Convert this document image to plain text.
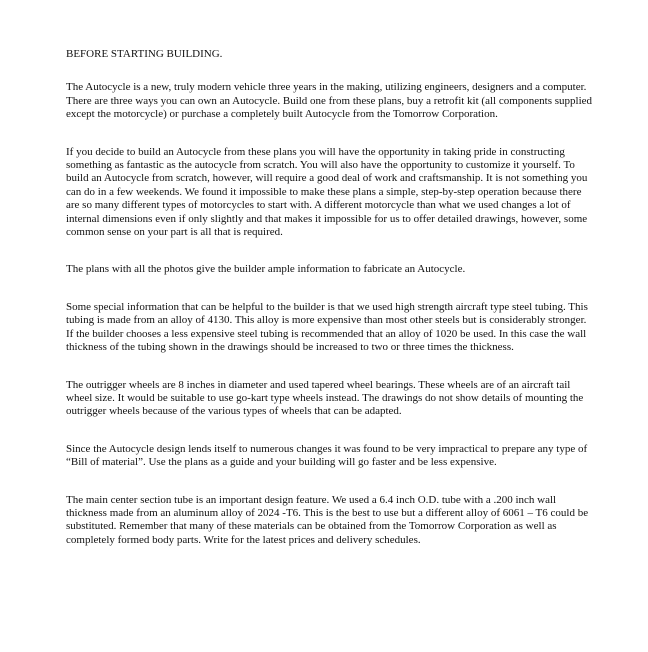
BEFORE STARTING BUILDING.

The Autocycle is a new, truly modern vehicle three years in the making, utilizing engineers, designers and a computer. There are three ways you can own an Autocycle. Build one from these plans, buy a retrofit kit (all components supplied except the motorcycle) or purchase a completely built Autocycle from the Tomorrow Corporation.

If you decide to build an Autocycle from these plans you will have the opportunity in taking pride in constructing something as fantastic as the autocycle from scratch. You will also have the opportunity to customize it yourself. To build an Autocycle from scratch, however, will require a good deal of work and craftsmanship. It is not something you can do in a few weekends. We found it impossible to make these plans a simple, step-by-step operation because there are so many different types of motorcycles to start with. A different motorcycle than what we used changes a lot of internal dimensions even if only slightly and that makes it impossible for us to offer detailed drawings, however, some common sense on your part is all that is required.

The plans with all the photos give the builder ample information to fabricate an Autocycle.

Some special information that can be helpful to the builder is that we used high strength aircraft type steel tubing. This tubing is made from an alloy of 4130. This alloy is more expensive than most other steels but is considerably stronger. If the builder chooses a less expensive steel tubing is recommended that an alloy of 1020 be used. In this case the wall thickness of the tubing shown in the drawings should be increased to two or three times the thickness.

The outrigger wheels are 8 inches in diameter and used tapered wheel bearings. These wheels are of an aircraft tail wheel size. It would be suitable to use go-kart type wheels instead. The drawings do not show details of mounting the outrigger wheels because of the various types of wheels that can be adapted.

Since the Autocycle design lends itself to numerous changes it was found to be very impractical to prepare any type of “Bill of material”. Use the plans as a guide and your building will go faster and be less expensive.

The main center section tube is an important design feature. We used a 6.4 inch O.D. tube with a .200 inch wall thickness made from an aluminum alloy of 2024 -T6. This is the best to use but a different alloy of 6061 – T6 could be substituted. Remember that many of these materials can be obtained from the Tomorrow Corporation as well as completely formed body parts. Write for the latest prices and delivery schedules.
